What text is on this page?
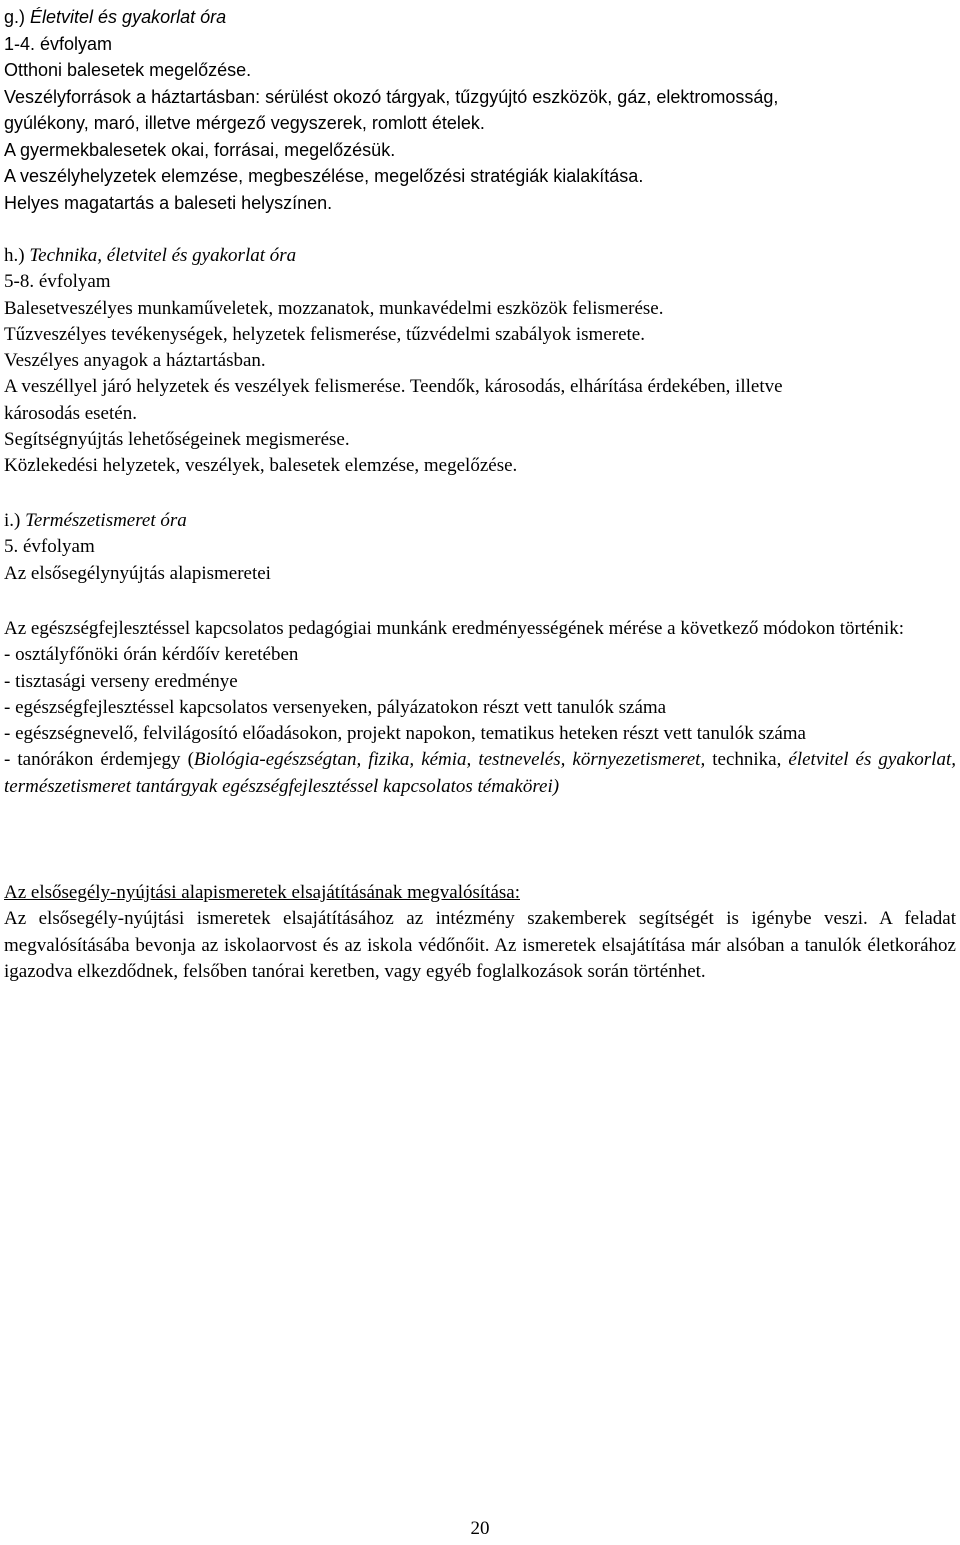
g.) Életvitel és gyakorlat óra
1-4. évfolyam
Otthoni balesetek megelőzése.
Veszélyforrások a háztartásban: sérülést okozó tárgyak, tűzgyújtó eszközök, gáz, elektromosság,
gyúlékony, maró, illetve mérgező vegyszerek, romlott ételek.
A gyermekbalesetek okai, forrásai, megelőzésük.
A veszélyhelyzetek elemzése, megbeszélése, megelőzési stratégiák kialakítása.
Helyes magatartás a baleseti helyszínen.
h.) Technika, életvitel és gyakorlat óra
5-8. évfolyam
Balesetveszélyes munkaműveletek, mozzanatok, munkavédelmi eszközök felismerése.
Tűzveszélyes tevékenységek, helyzetek felismerése, tűzvédelmi szabályok ismerete.
Veszélyes anyagok a háztartásban.
A veszéllyel járó helyzetek és veszélyek felismerése. Teendők, károsodás, elhárítása érdekében, illetve
károsodás esetén.
Segítségnyújtás lehetőségeinek megismerése.
Közlekedési helyzetek, veszélyek, balesetek elemzése, megelőzése.
i.) Természetismeret óra
5. évfolyam
Az elsősegélynyújtás alapismeretei

Az egészségfejlesztéssel kapcsolatos pedagógiai munkánk eredményességének mérése a következő módokon történik:

- osztályfőnöki órán kérdőív keretében

- tisztasági verseny eredménye

- egészségfejlesztéssel kapcsolatos versenyeken, pályázatokon részt vett tanulók száma

- egészségnevelő, felvilágosító előadásokon, projekt napokon, tematikus heteken részt vett tanulók száma

- tanórákon érdemjegy (Biológia-egészségtan, fizika, kémia, testnevelés, környezetismeret, technika, életvitel és gyakorlat, természetismeret tantárgyak egészségfejlesztéssel kapcsolatos témakörei)

Az elsősegély-nyújtási alapismeretek elsajátításának megvalósítása:

Az elsősegély-nyújtási ismeretek elsajátításához az intézmény szakemberek segítségét is igénybe veszi. A feladat megvalósításába bevonja az iskolaorvost és az iskola védőnőit. Az ismeretek elsajátítása már alsóban a tanulók életkorához igazodva elkezdődnek, felsőben tanórai keretben, vagy egyéb foglalkozások során történhet.

20
